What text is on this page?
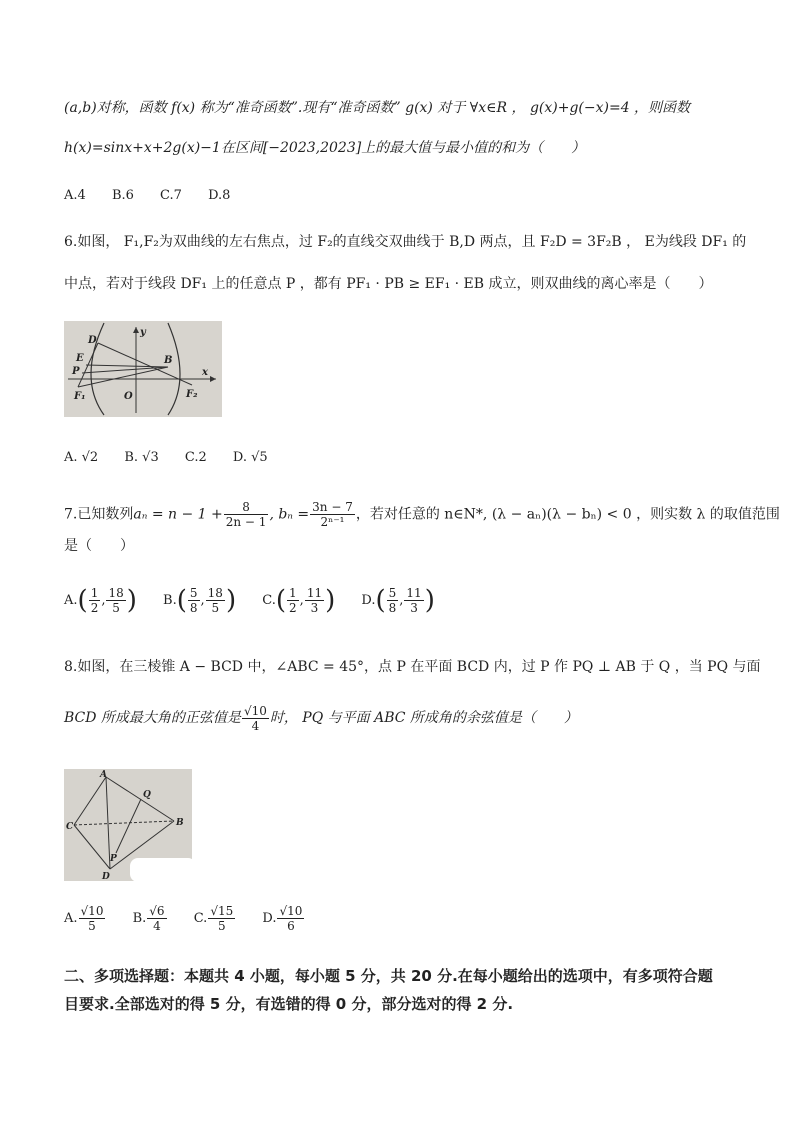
(a,b)对称，函数 f(x) 称为“准奇函数”.现有“准奇函数” g(x) 对于 ∀x∈R ， g(x)+g(−x)=4 ，则函数
h(x)=sinx+x+2g(x)−1在区间[−2023,2023]上的最大值与最小值的和为（　　）
A.4 B.6 C.7 D.8
6.如图， F₁,F₂为双曲线的左右焦点，过 F₂的直线交双曲线于 B,D 两点，且 F₂D = 3F₂B ， E为线段 DF₁ 的
中点，若对于线段 DF₁ 上的任意点 P ，都有 PF₁ · PB ≥ EF₁ · EB 成立，则双曲线的离心率是（　　）
D
E
P
F₁	O
B
F₂
y
x
A. √2 B. √3 C.2 D. √5
7.已知数列$a_n = n - 1 + \frac{8}{2n - 1}$ , $b_n = \frac{3n - 7}{\text{2ⁿ⁻¹}}$ ，若对任意的 n∈N*, (λ − aₙ)(λ − bₙ) < 0 ，则实数 λ 的取值范围
是（　　）
$A.( \frac{1}{2}$ , $\frac{18}{5}$ ) $B.( \frac{5}{8}$ , $\frac{18}{5}$ ) $C.( \frac{1}{2}$ , $\frac{11}{3}$ ) $D.( \frac{5}{8}$ , $\frac{11}{3}$ )
8.如图，在三棱锥 A − BCD 中，∠ABC = 45°，点 P 在平面 BCD 内，过 P 作 PQ ⊥ AB 于 Q ，当 PQ 与面
BCD 所成最大角的正弦值是 $\frac{√10}{4}$ 时， PQ 与平面 ABC 所成角的余弦值是（　　）
A
Q
C	B
P
D
A. $\frac{√10}{5} B$. $\frac{√6}{4} C$. $\frac{√15}{5} D$. $\frac{√10}{6}$
二、多项选择题：本题共 4 小题，每小题 5 分，共 20 分.在每小题给出的选项中，有多项符合题
目要求.全部选对的得 5 分，有选错的得 0 分，部分选对的得 2 分.
